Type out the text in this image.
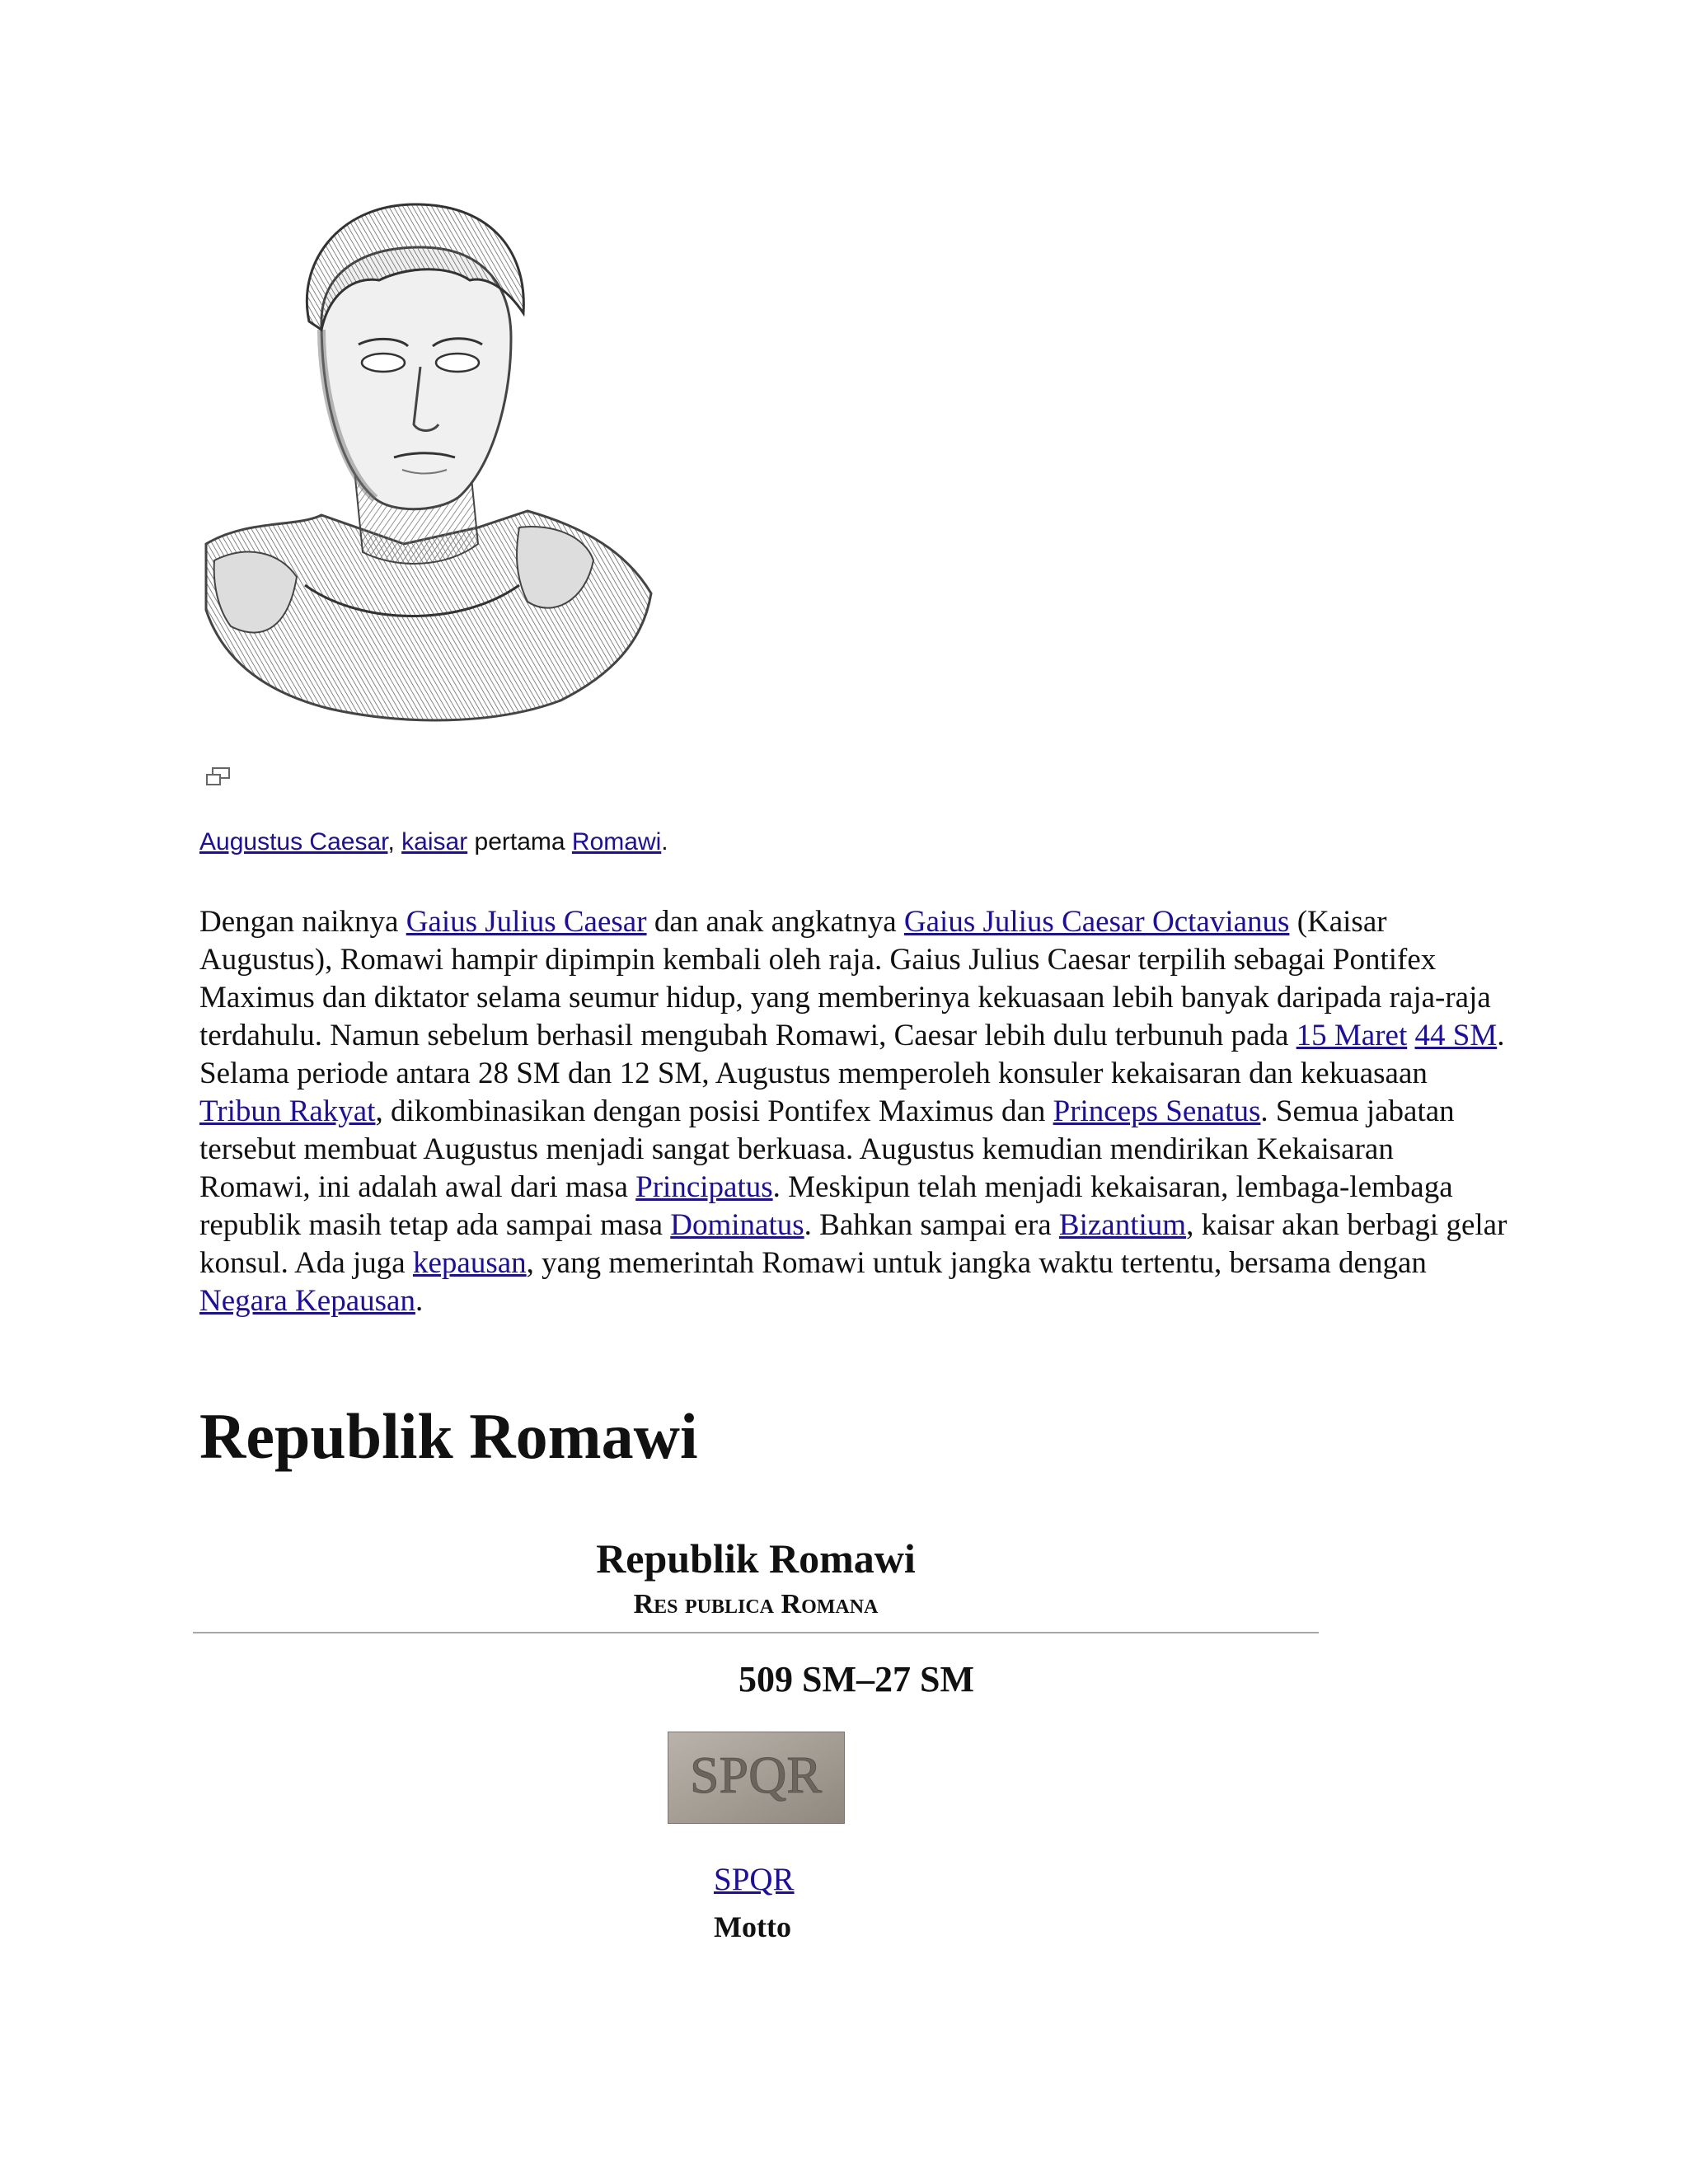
Augustus Caesar, kaisar pertama Romawi.

Dengan naiknya Gaius Julius Caesar dan anak angkatnya Gaius Julius Caesar Octavianus (Kaisar Augustus), Romawi hampir dipimpin kembali oleh raja. Gaius Julius Caesar terpilih sebagai Pontifex Maximus dan diktator selama seumur hidup, yang memberinya kekuasaan lebih banyak daripada raja-raja terdahulu. Namun sebelum berhasil mengubah Romawi, Caesar lebih dulu terbunuh pada 15 Maret 44 SM. Selama periode antara 28 SM dan 12 SM, Augustus memperoleh konsuler kekaisaran dan kekuasaan Tribun Rakyat, dikombinasikan dengan posisi Pontifex Maximus dan Princeps Senatus. Semua jabatan tersebut membuat Augustus menjadi sangat berkuasa. Augustus kemudian mendirikan Kekaisaran Romawi, ini adalah awal dari masa Principatus. Meskipun telah menjadi kekaisaran, lembaga-lembaga republik masih tetap ada sampai masa Dominatus. Bahkan sampai era Bizantium, kaisar akan berbagi gelar konsul. Ada juga kepausan, yang memerintah Romawi untuk jangka waktu tertentu, bersama dengan Negara Kepausan.

Republik Romawi
Republik Romawi
Res publica Romana
509 SM–27 SM
SPQR
SPQR
Motto
